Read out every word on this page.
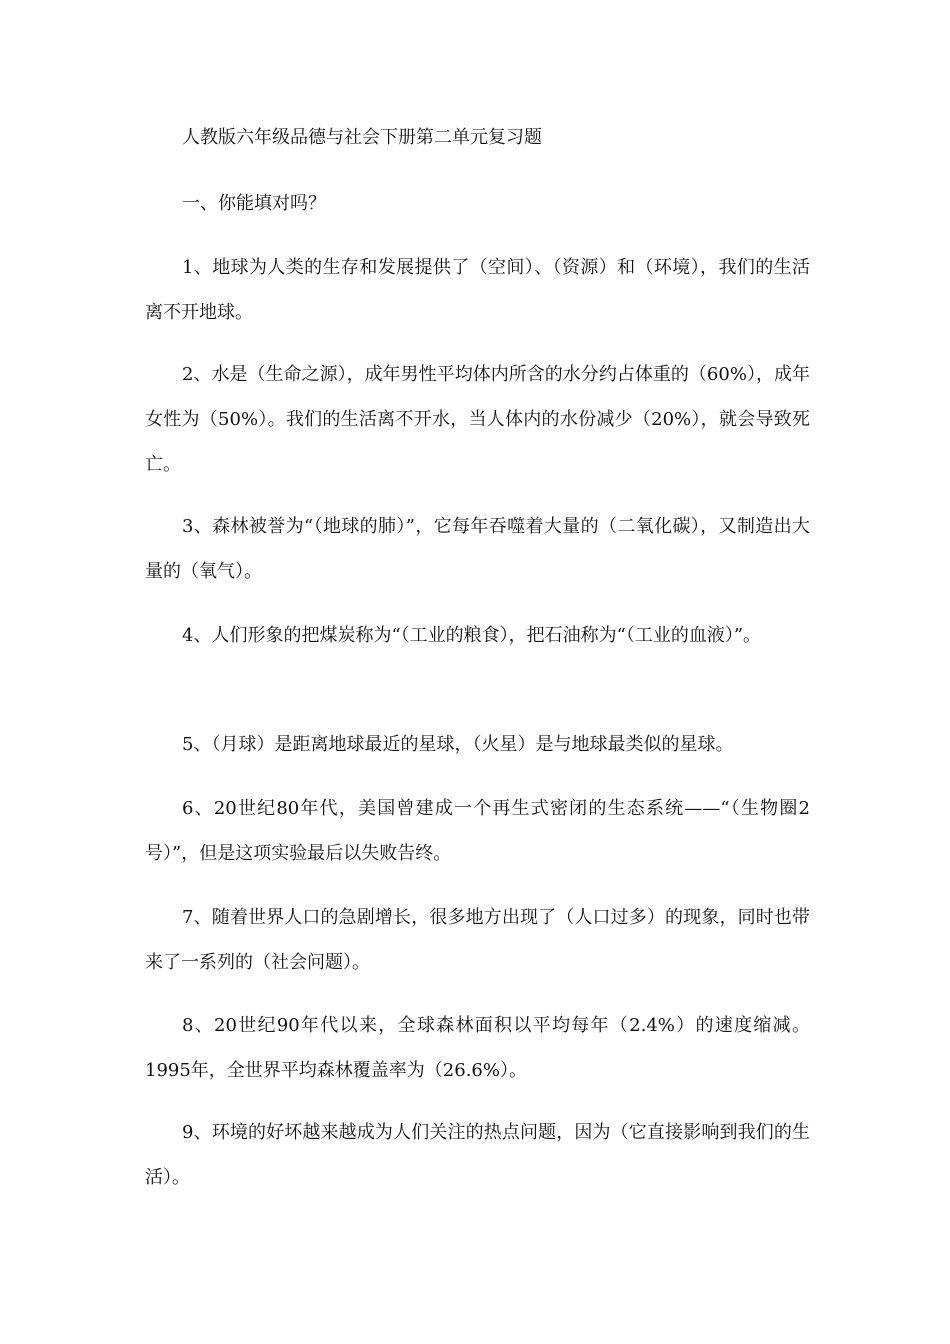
人教版六年级品德与社会下册第二单元复习题
一、你能填对吗？

1、地球为人类的生存和发展提供了（空间）、（资源）和（环境），我们的生活离不开地球。

2、水是（生命之源），成年男性平均体内所含的水分约占体重的（60%），成年女性为（50%）。我们的生活离不开水，当人体内的水份减少（20%），就会导致死亡。

3、森林被誉为“（地球的肺）”，它每年吞噬着大量的（二氧化碳），又制造出大量的（氧气）。

4、人们形象的把煤炭称为“（工业的粮食），把石油称为“（工业的血液）”。

5、（月球）是距离地球最近的星球，（火星）是与地球最类似的星球。

6、20世纪80年代，美国曾建成一个再生式密闭的生态系统——“（生物圈2号）”，但是这项实验最后以失败告终。

7、随着世界人口的急剧增长，很多地方出现了（人口过多）的现象，同时也带来了一系列的（社会问题）。

8、20世纪90年代以来，全球森林面积以平均每年（2.4%）的速度缩减。1995年，全世界平均森林覆盖率为（26.6%）。

9、环境的好坏越来越成为人们关注的热点问题，因为（它直接影响到我们的生活）。
